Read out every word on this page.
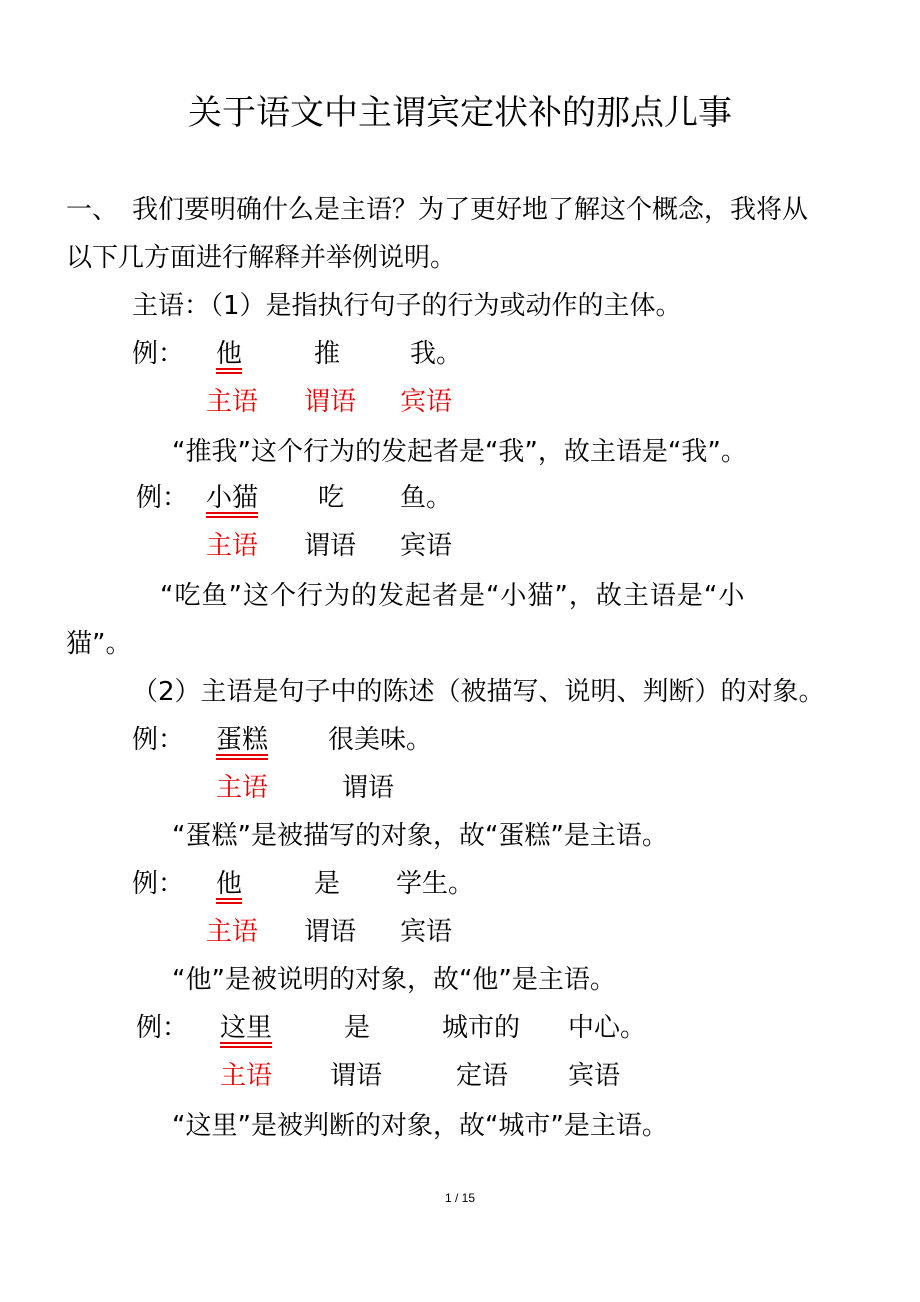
关于语文中主谓宾定状补的那点儿事
一、 我们要明确什么是主语？为了更好地了解这个概念，我将从
以下几方面进行解释并举例说明。
主语：（1）是指执行句子的行为或动作的主体。
例： 他	推	我。
主语 谓语 宾语
“推我”这个行为的发起者是“我”，故主语是“我”。
例： 小猫 吃 鱼。
主语 谓语 宾语
“吃鱼”这个行为的发起者是“小猫”，故主语是“小
猫”。
（2）主语是句子中的陈述（被描写、说明、判断）的对象。
例： 蛋糕 很美味。
主语	谓语
“蛋糕”是被描写的对象，故“蛋糕”是主语。
例： 他	是 学生。
主语 谓语 宾语
“他”是被说明的对象，故“他”是主语。
例： 这里	是	城市的 中心。
主语 谓语	定语 宾语
“这里”是被判断的对象，故“城市”是主语。
1 / 15
